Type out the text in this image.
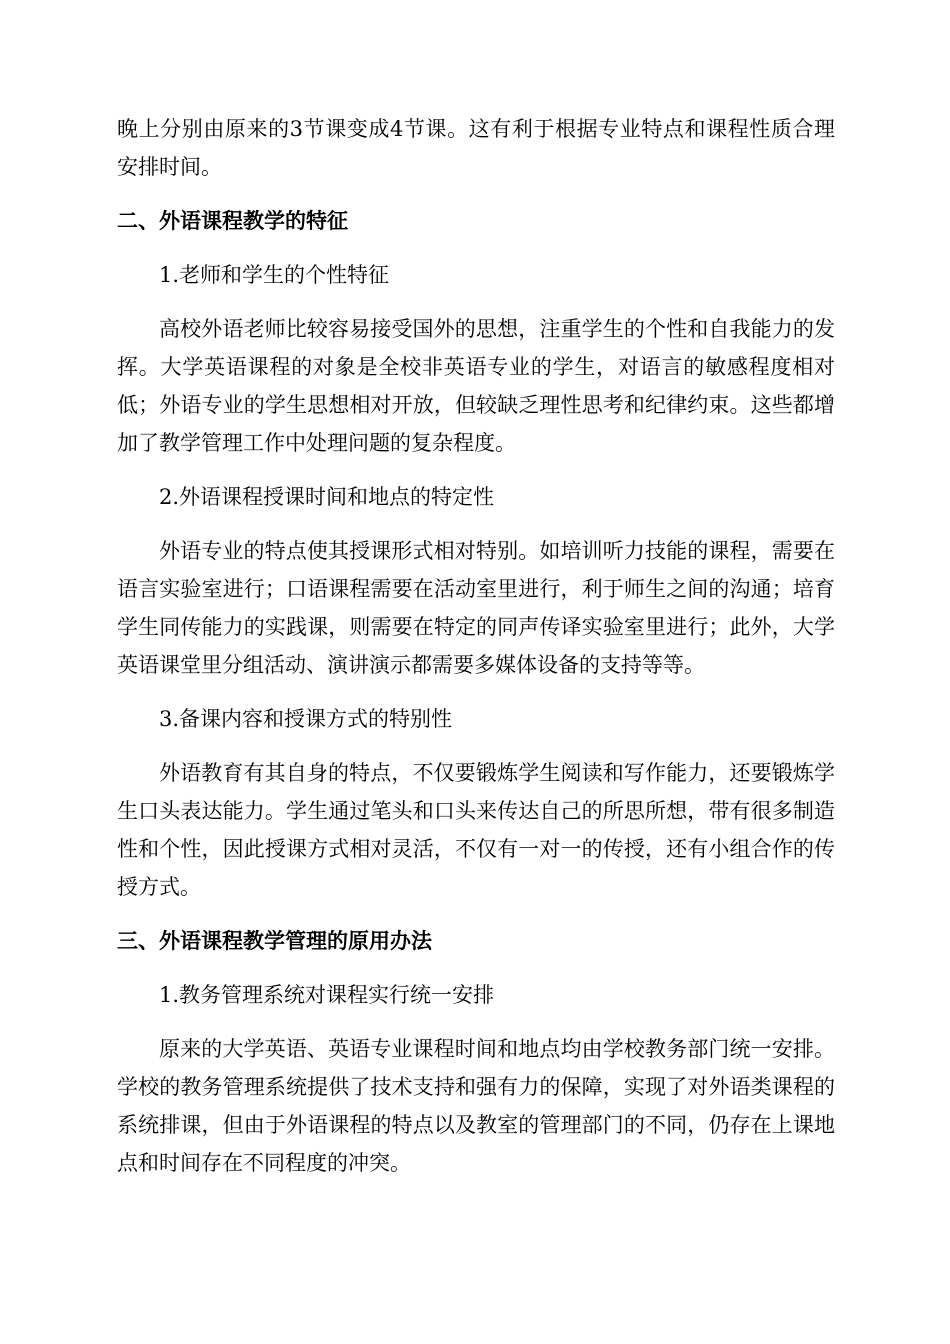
晚上分别由原来的3节课变成4节课。这有利于根据专业特点和课程性质合理安排时间。

二、外语课程教学的特征

1.老师和学生的个性特征

高校外语老师比较容易接受国外的思想，注重学生的个性和自我能力的发挥。大学英语课程的对象是全校非英语专业的学生，对语言的敏感程度相对低；外语专业的学生思想相对开放，但较缺乏理性思考和纪律约束。这些都增加了教学管理工作中处理问题的复杂程度。

2.外语课程授课时间和地点的特定性

外语专业的特点使其授课形式相对特别。如培训听力技能的课程，需要在语言实验室进行；口语课程需要在活动室里进行，利于师生之间的沟通；培育学生同传能力的实践课，则需要在特定的同声传译实验室里进行；此外，大学英语课堂里分组活动、演讲演示都需要多媒体设备的支持等等。

3.备课内容和授课方式的特别性

外语教育有其自身的特点，不仅要锻炼学生阅读和写作能力，还要锻炼学生口头表达能力。学生通过笔头和口头来传达自己的所思所想，带有很多制造性和个性，因此授课方式相对灵活，不仅有一对一的传授，还有小组合作的传授方式。

三、外语课程教学管理的原用办法

1.教务管理系统对课程实行统一安排

原来的大学英语、英语专业课程时间和地点均由学校教务部门统一安排。学校的教务管理系统提供了技术支持和强有力的保障，实现了对外语类课程的系统排课，但由于外语课程的特点以及教室的管理部门的不同，仍存在上课地点和时间存在不同程度的冲突。
